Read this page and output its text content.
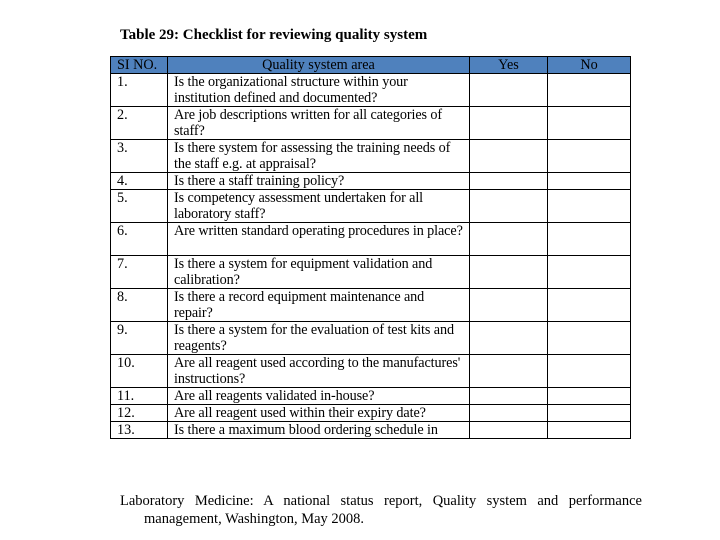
Table 29: Checklist for reviewing quality system
SI NO.	Quality system area	Yes	No
1.	Is the organizational structure within your institution defined and documented?		
2.	Are job descriptions written for all categories of staff?		
3.	Is there system for assessing the training needs of the staff e.g. at appraisal?		
4.	Is there a staff training policy?		
5.	Is competency assessment undertaken for all laboratory staff?		
6.	Are written standard operating procedures in place?		
7.	Is there a system for equipment validation and calibration?		
8.	Is there a record equipment maintenance and repair?		
9.	Is there a system for the evaluation of test kits and reagents?		
10.	Are all reagent used according to the manufactures' instructions?		
11.	Are all reagents validated in-house?		
12.	Are all reagent used within their expiry date?		
13.	Is there a maximum blood ordering schedule in		
Laboratory Medicine: A national status report, Quality system and performance
management, Washington, May 2008.
